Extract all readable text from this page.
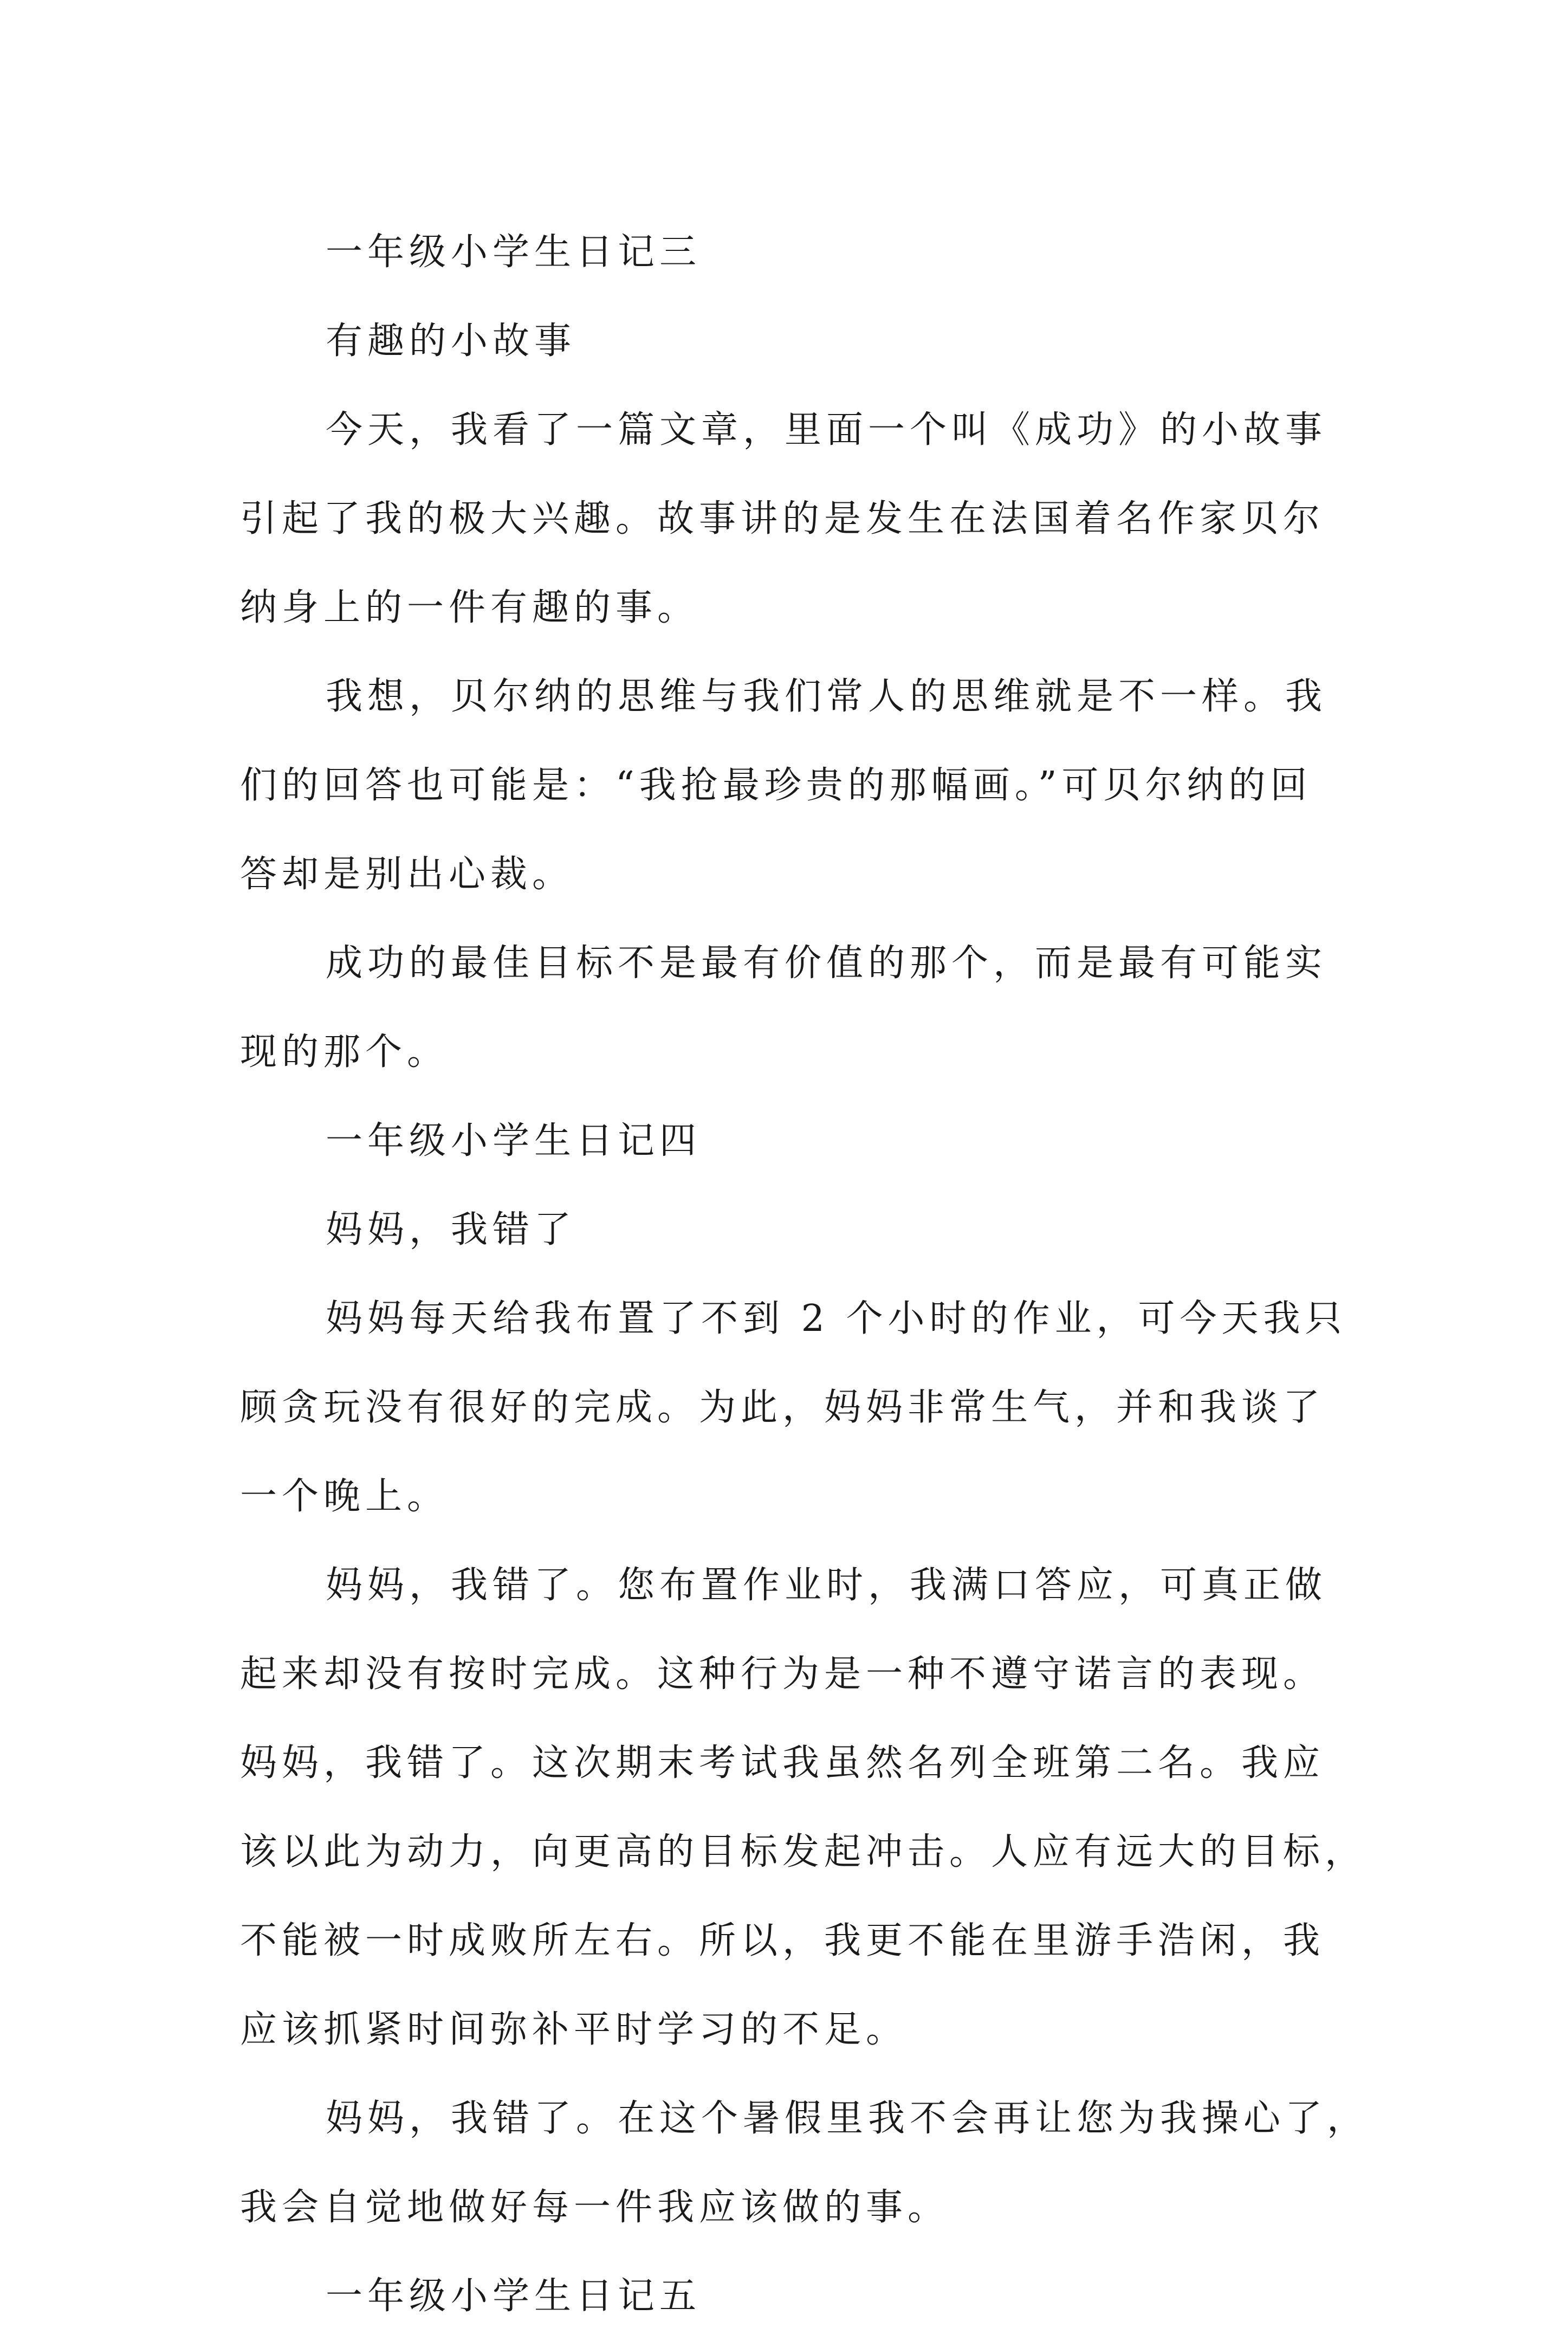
一年级小学生日记三
有趣的小故事
今天，我看了一篇文章，里面一个叫《成功》的小故事
引起了我的极大兴趣。故事讲的是发生在法国着名作家贝尔
纳身上的一件有趣的事。
我想，贝尔纳的思维与我们常人的思维就是不一样。我
们的回答也可能是：“我抢最珍贵的那幅画。”可贝尔纳的回
答却是别出心裁。
成功的最佳目标不是最有价值的那个，而是最有可能实
现的那个。
一年级小学生日记四
妈妈，我错了
妈妈每天给我布置了不到 2 个小时的作业，可今天我只
顾贪玩没有很好的完成。为此，妈妈非常生气，并和我谈了
一个晚上。
妈妈，我错了。您布置作业时，我满口答应，可真正做
起来却没有按时完成。这种行为是一种不遵守诺言的表现。
妈妈，我错了。这次期末考试我虽然名列全班第二名。我应
该以此为动力，向更高的目标发起冲击。人应有远大的目标，
不能被一时成败所左右。所以，我更不能在里游手浩闲，我
应该抓紧时间弥补平时学习的不足。
妈妈，我错了。在这个暑假里我不会再让您为我操心了，
我会自觉地做好每一件我应该做的事。
一年级小学生日记五
